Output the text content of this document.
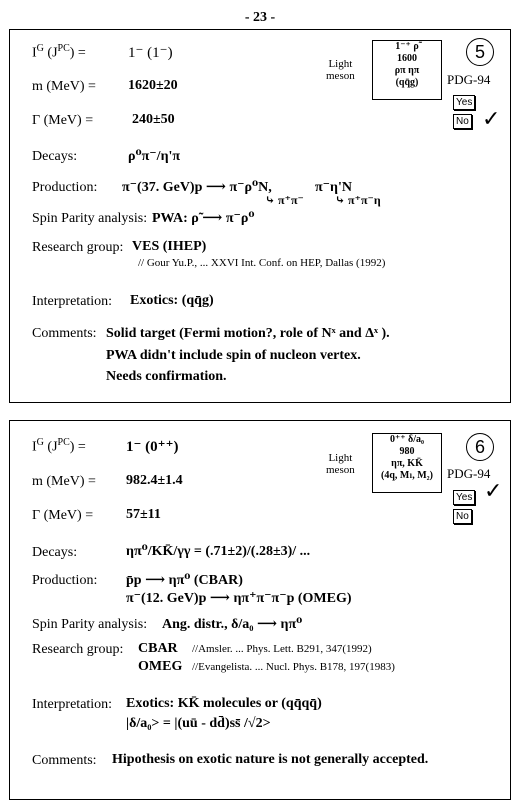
- 23 -
$I^G$ $(J^{PC})$ =	1⁻ (1⁻)
m (MeV) = 1620±20
Γ (MeV) =	240±50
Light
meson
1⁻⁺ ρ̃
1600
ρπ ηπ
(qq̄g)
5
PDG-94
Yes
No ✓
Decays:	ρ⁰π⁻/η'π
Production: π⁻(37. GeV)p ⟶ π⁻ρ⁰N,
⤷ π⁺π⁻
π⁻η'N
⤷ π⁺π⁻η
Spin Parity analysis: PWA: ρ̃ ⟶ π⁻ρ⁰
Research group: VES (IHEP)
// Gour Yu.P., ... XXVI Int. Conf. on HEP, Dallas (1992)
Interpretation: Exotics: (qq̄g)
Comments: Solid target (Fermi motion?, role of Nˣ and Δˣ ).
PWA didn't include spin of nucleon vertex.
Needs confirmation.
$I^G$ $(J^{PC})$ =	1⁻ (0⁺⁺)
m (MeV) = 982.4±1.4
Γ (MeV) = 57±11
Light
meson
0⁺⁺ δ/a₀
980
ηπ, KK̄
(4q, Mₗ, M₂)
6
PDG-94
Yes
No
✓
Decays:	ηπ⁰/KK̄/γγ = (.71±2)/(.28±3)/ ...
Production: p̄p ⟶ ηπ⁰ (CBAR)
π⁻(12. GeV)p ⟶ ηπ⁺π⁻π⁻p (OMEG)
Spin Parity analysis: Ang. distr., δ/a₀ ⟶ ηπ⁰
Research group: CBAR //Amsler. ... Phys. Lett. B291, 347(1992)
OMEG //Evangelista. ... Nucl. Phys. B178, 197(1983)
Interpretation: Exotics: KK̄ molecules or (qq̄qq̄)
|δ/a₀> = |(uū - dd̄)ss̄ /√2>
Comments: Hipothesis on exotic nature is not generally accepted.
